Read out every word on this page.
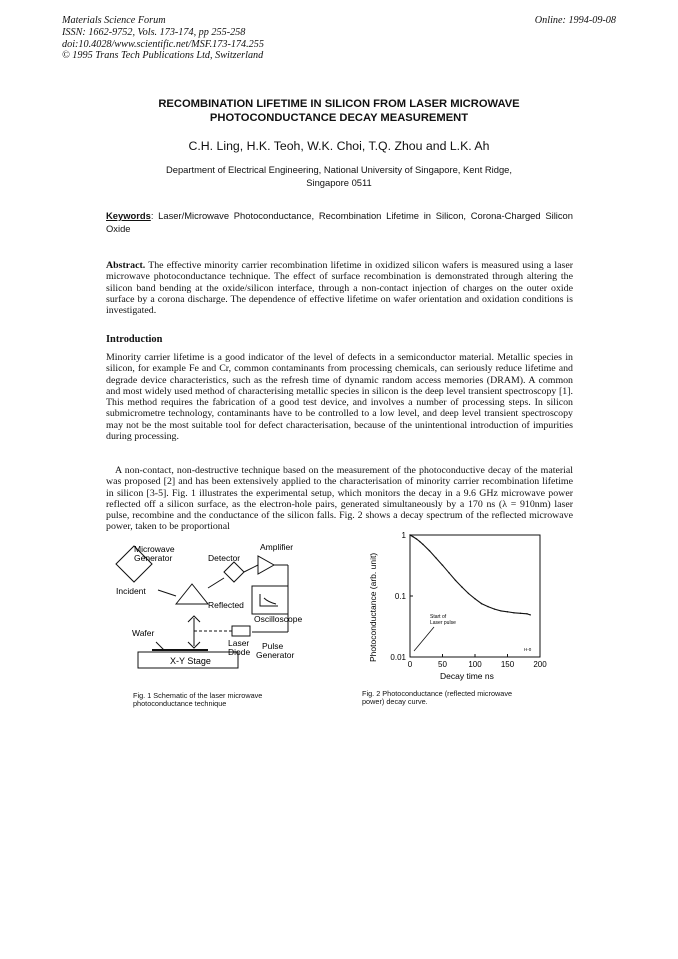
Materials Science Forum
ISSN: 1662-9752, Vols. 173-174, pp 255-258
doi:10.4028/www.scientific.net/MSF.173-174.255
© 1995 Trans Tech Publications Ltd, Switzerland
Online: 1994-09-08
RECOMBINATION LIFETIME IN SILICON FROM LASER MICROWAVE
PHOTOCONDUCTANCE DECAY MEASUREMENT
C.H. Ling, H.K. Teoh, W.K. Choi, T.Q. Zhou and L.K. Ah
Department of Electrical Engineering, National University of Singapore, Kent Ridge,
Singapore 0511
Keywords: Laser/Microwave Photoconductance, Recombination Lifetime in Silicon, Corona-Charged Silicon Oxide
Abstract. The effective minority carrier recombination lifetime in oxidized silicon wafers is measured using a laser microwave photoconductance technique. The effect of surface recombination is demonstrated through altering the silicon band bending at the oxide/silicon interface, through a non-contact injection of charges on the outer oxide surface by a corona discharge. The dependence of effective lifetime on wafer orientation and oxidation conditions is investigated.
Introduction
Minority carrier lifetime is a good indicator of the level of defects in a semiconductor material. Metallic species in silicon, for example Fe and Cr, common contaminants from processing chemicals, can seriously reduce lifetime and degrade device characteristics, such as the refresh time of dynamic random access memories (DRAM). A common and most widely used method of characterising metallic species in silicon is the deep level transient spectroscopy [1]. This method requires the fabrication of a good test device, and involves a number of processing steps. In silicon submicrometre technology, contaminants have to be controlled to a low level, and deep level transient spectroscopy may not be the most suitable tool for defect characterisation, because of the unintentional introduction of impurities during processing.
A non-contact, non-destructive technique based on the measurement of the photoconductive decay of the material was proposed [2] and has been extensively applied to the characterisation of minority carrier recombination lifetime in silicon [3-5]. Fig. 1 illustrates the experimental setup, which monitors the decay in a 9.6 GHz microwave power reflected off a silicon surface, as the electron-hole pairs, generated simultaneously by a 170 ns (λ = 910nm) laser pulse, recombine and the conductance of the silicon falls. Fig. 2 shows a decay spectrum of the reflected microwave power, taken to be proportional
Microwave
Generator	Detector
Amplifier
Incident
Reflected
Oscilloscope
Wafer
Laser
Diode
Pulse
Generator
X-Y Stage
Fig. 1 Schematic of the laser microwave
photoconductance technique
0	50	100 150 200
0.01
0.1
1
Start of
Laser pulse
H-0
Photoconductance (arb. unit)
Decay time ns
Fig. 2 Photoconductance (reflected microwave
power) decay curve.
